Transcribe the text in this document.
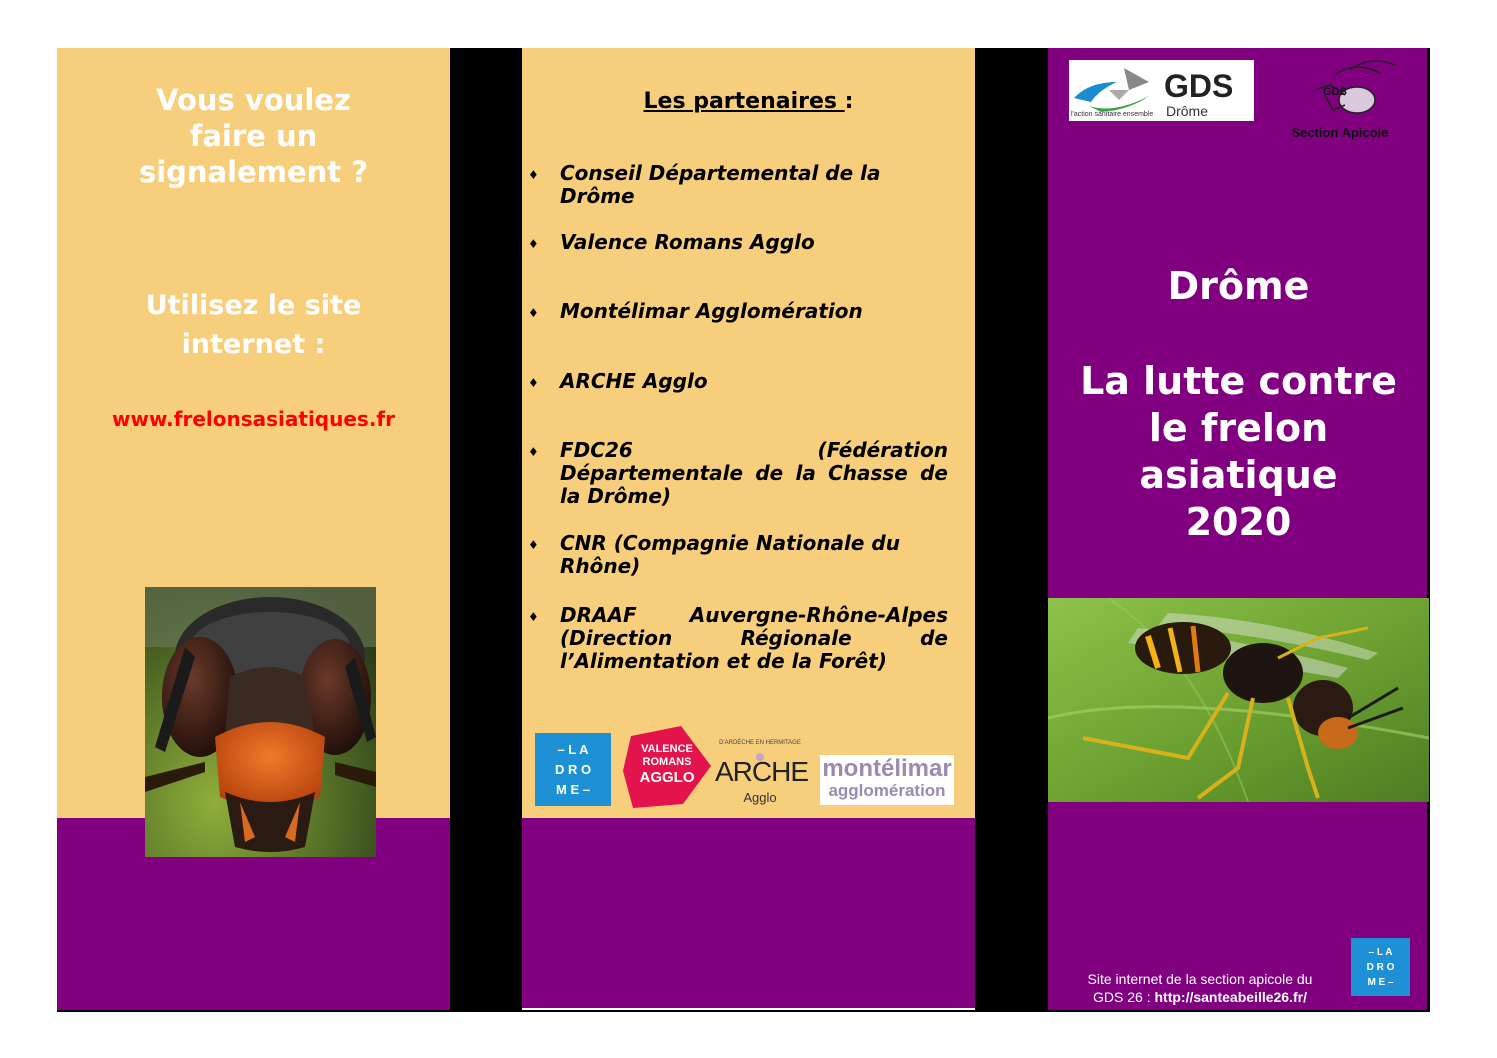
Vous voulez
faire un
signalement ?
Utilisez le site
internet :
www.frelonsasiatiques.fr
Les partenaires :
♦ Conseil Départemental de la Drôme
♦ Valence Romans Agglo
♦ Montélimar Agglomération
♦ ARCHE Agglo
♦ FDC26 (Fédération Départementale de la Chasse de la Drôme)
♦ CNR (Compagnie Nationale du Rhône)
♦ DRAAF Auvergne-Rhône-Alpes (Direction Régionale de l’Alimentation et de la Forêt)
– L A
D R O
M E –
VALENCE
ROMANS
AGGLO
D'ARDÈCHE EN HERMITAGE
ARCHE
Agglo
montélimar
agglomération
GDS
Drôme
l'action sanitaire ensemble
GDS
Section Apicole
Drôme
La lutte contre
le frelon
asiatique
2020
Site internet de la section apicole du
GDS 26 : http://santeabeille26.fr/
– L A
D R O
M E –
